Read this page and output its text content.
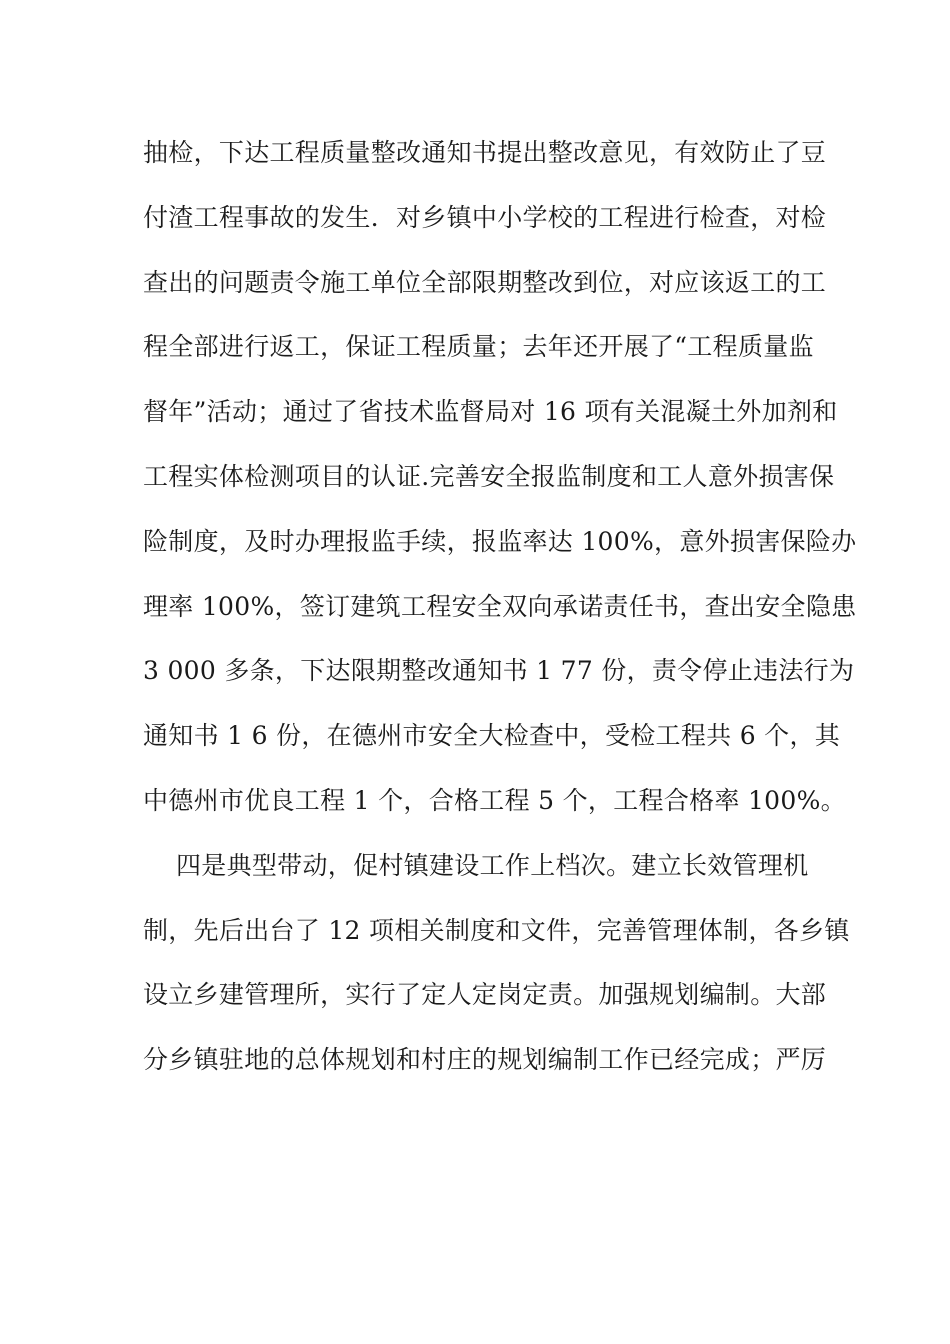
抽检，下达工程质量整改通知书提出整改意见，有效防止了豆
付渣工程事故的发生．对乡镇中小学校的工程进行检查，对检
查出的问题责令施工单位全部限期整改到位，对应该返工的工
程全部进行返工，保证工程质量；去年还开展了“工程质量监
督年”活动；通过了省技术监督局对 16 项有关混凝土外加剂和
工程实体检测项目的认证.完善安全报监制度和工人意外损害保
险制度，及时办理报监手续，报监率达 100%，意外损害保险办
理率 100%，签订建筑工程安全双向承诺责任书，查出安全隐患
3 000 多条，下达限期整改通知书 1 77 份，责令停止违法行为
通知书 1 6 份，在德州市安全大检查中，受检工程共 6 个，其
中德州市优良工程 1 个，合格工程 5 个，工程合格率 100%。
四是典型带动，促村镇建设工作上档次。建立长效管理机
制，先后出台了 12 项相关制度和文件，完善管理体制，各乡镇
设立乡建管理所，实行了定人定岗定责。加强规划编制。大部
分乡镇驻地的总体规划和村庄的规划编制工作已经完成；严厉
